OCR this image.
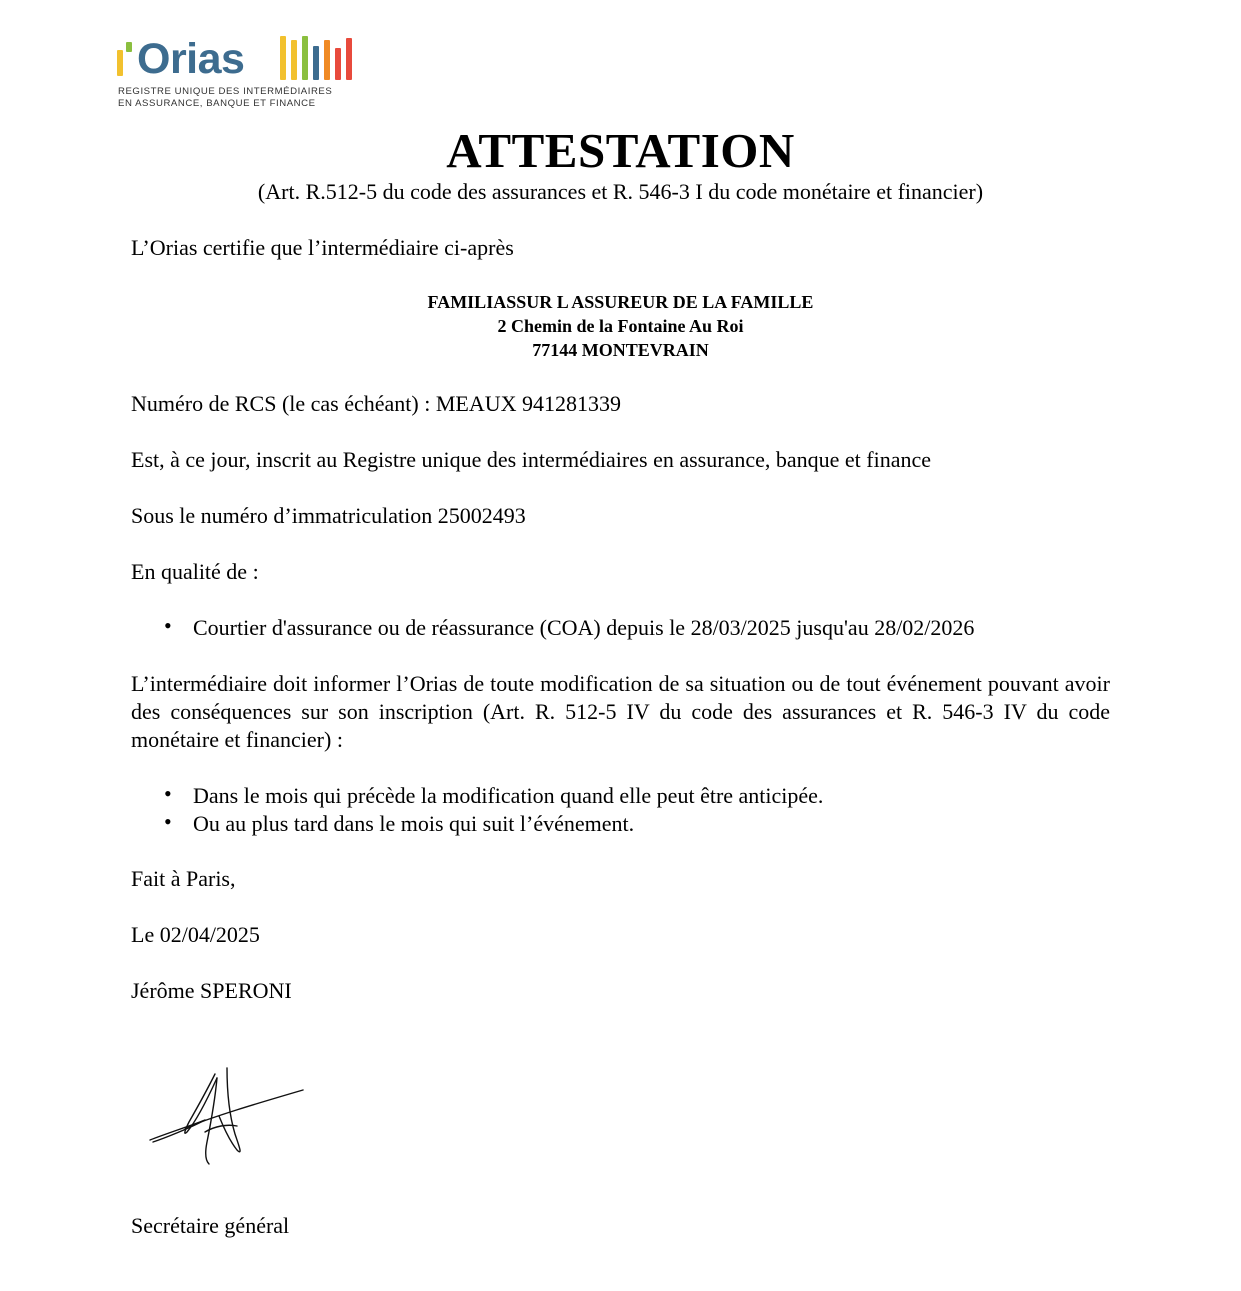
Orias
REGISTRE UNIQUE DES INTERMÉDIAIRES
EN ASSURANCE, BANQUE ET FINANCE
ATTESTATION
(Art. R.512-5 du code des assurances et R. 546-3 I du code monétaire et financier)
L’Orias certifie que l’intermédiaire ci-après
FAMILIASSUR L ASSUREUR DE LA FAMILLE
2 Chemin de la Fontaine Au Roi
77144 MONTEVRAIN
Numéro de RCS (le cas échéant) : MEAUX 941281339
Est, à ce jour, inscrit au Registre unique des intermédiaires en assurance, banque et finance
Sous le numéro d’immatriculation 25002493
En qualité de :
• Courtier d'assurance ou de réassurance (COA) depuis le 28/03/2025 jusqu'au 28/02/2026
L’intermédiaire doit informer l’Orias de toute modification de sa situation ou de tout événement pouvant avoir des conséquences sur son inscription (Art. R. 512-5 IV du code des assurances et R. 546-3 IV du code monétaire et financier) :
• Dans le mois qui précède la modification quand elle peut être anticipée.
• Ou au plus tard dans le mois qui suit l’événement.
Fait à Paris,
Le 02/04/2025
Jérôme SPERONI
Secrétaire général
